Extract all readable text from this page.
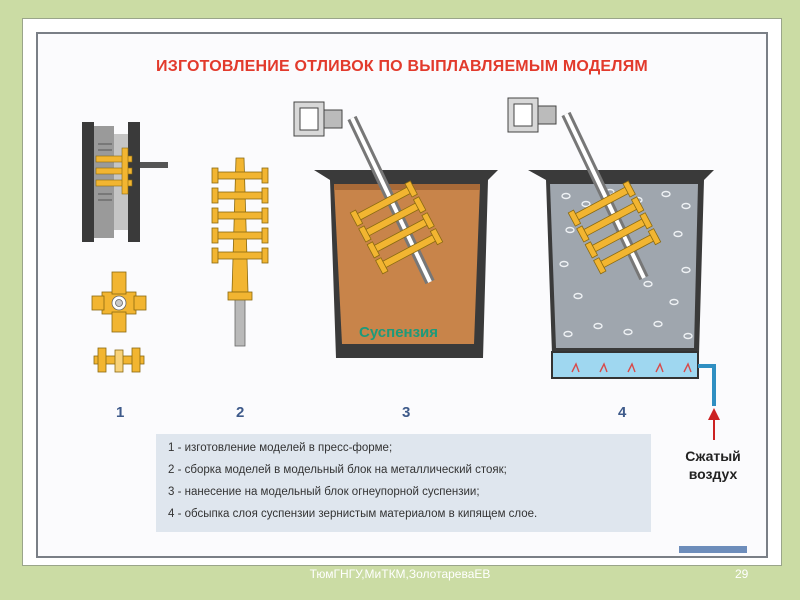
ИЗГОТОВЛЕНИЕ ОТЛИВОК ПО ВЫПЛАВЛЯЕМЫМ МОДЕЛЯМ
Суспензия
1	2	3	4
1 - изготовление моделей в пресс-форме;
2 - сборка моделей в модельный блок на металлический стояк;
3 - нанесение на модельный блок огнеупорной суспензии;
4 - обсыпка слоя суспензии зернистым материалом в кипящем слое.
Сжатый
воздух
ТюмГНГУ,МиТКМ,ЗолотареваЕВ	29
